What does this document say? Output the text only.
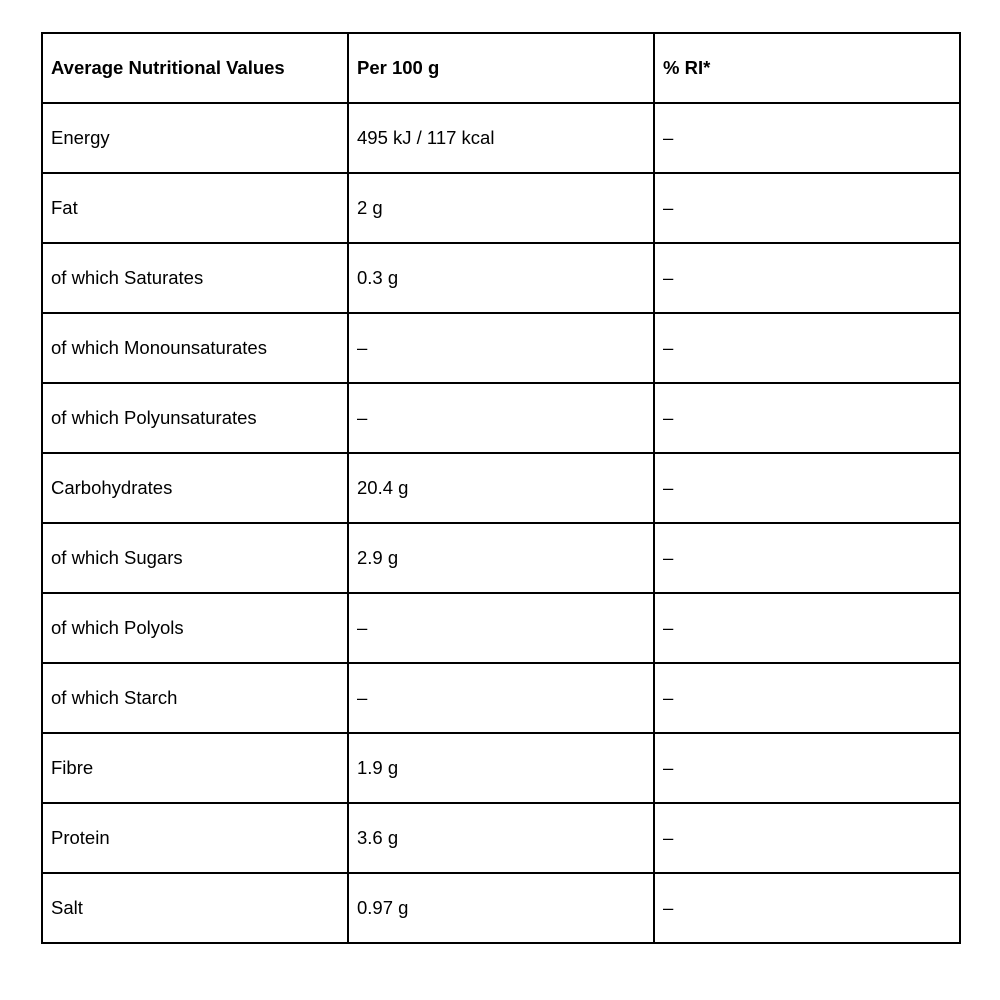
Average Nutritional Values	Per 100 g	% RI*
Energy	495 kJ / 117 kcal	–
Fat	2 g	–
of which Saturates	0.3 g	–
of which Monounsaturates	–	–
of which Polyunsaturates	–	–
Carbohydrates	20.4 g	–
of which Sugars	2.9 g	–
of which Polyols	–	–
of which Starch	–	–
Fibre	1.9 g	–
Protein	3.6 g	–
Salt	0.97 g	–
